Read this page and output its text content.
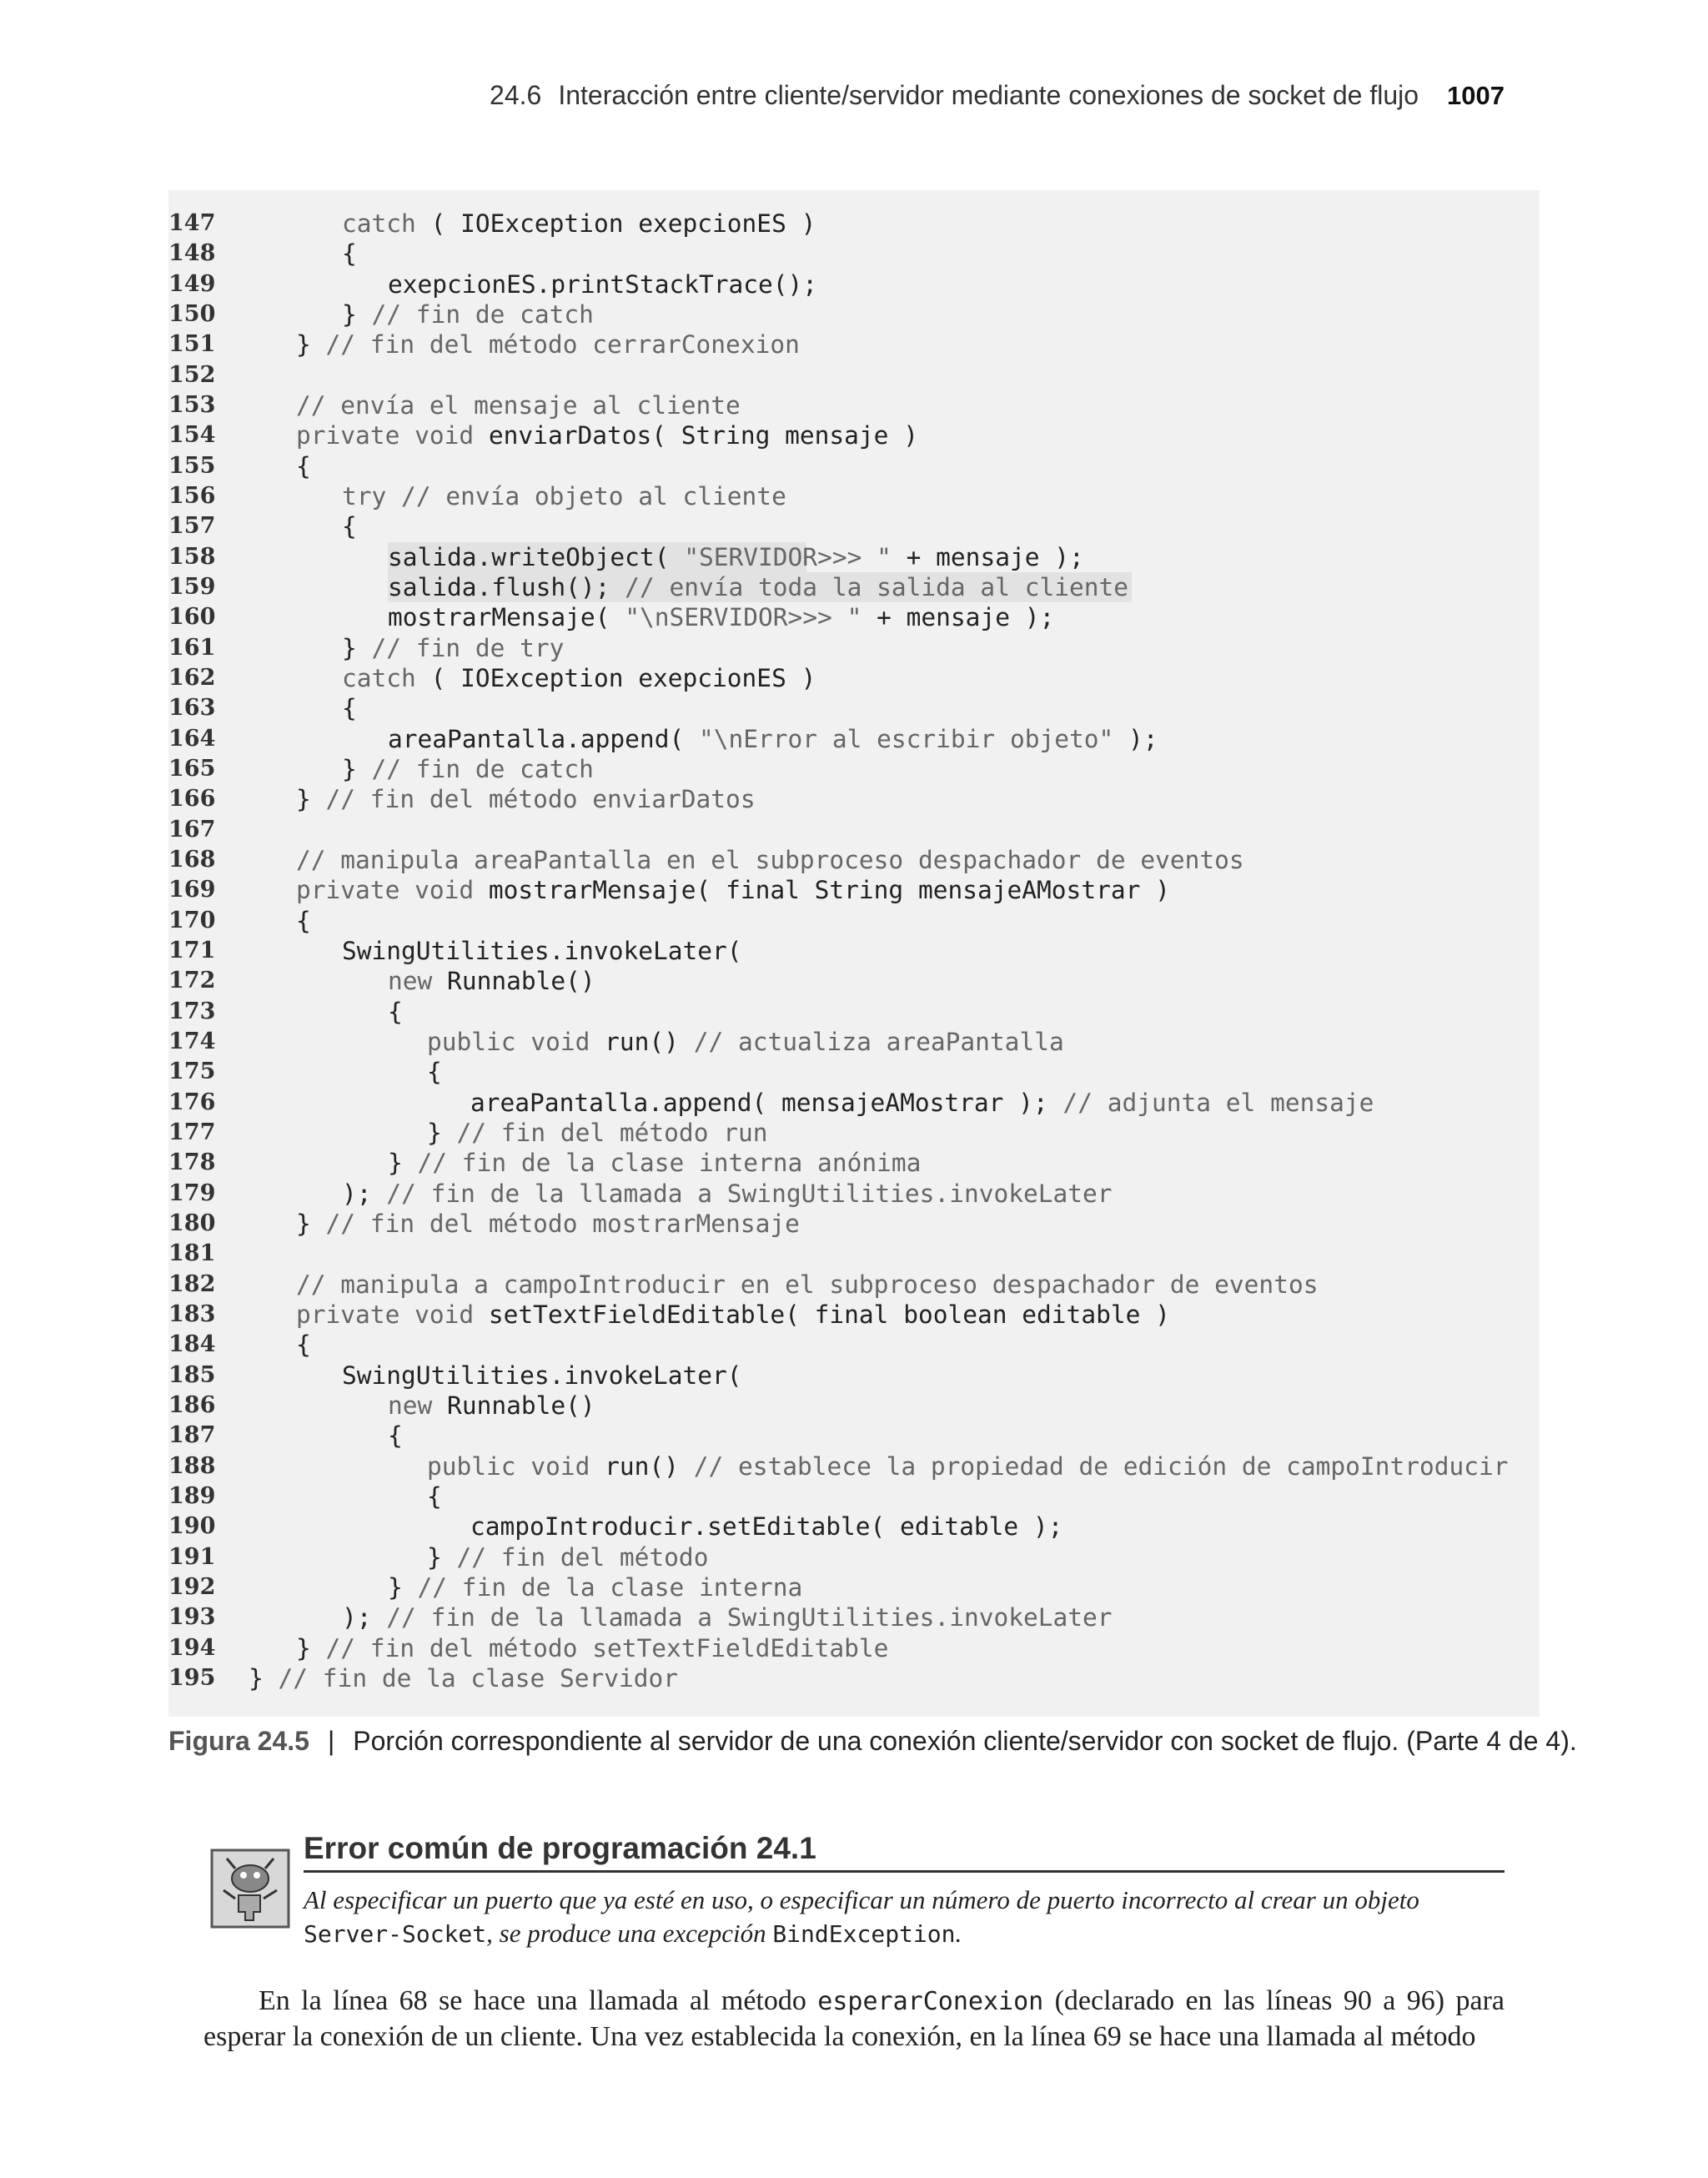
24.6 Interacción entre cliente/servidor mediante conexiones de socket de flujo 1007
147	catch ( IOException exepcionES )
148	{
149	exepcionES.printStackTrace();
150	} // fin de catch
151	} // fin del método cerrarConexion
152
153	// envía el mensaje al cliente
154	private void enviarDatos( String mensaje )
155	{
156	try // envía objeto al cliente
157	{
158	salida.writeObject( "SERVIDOR>>> " + mensaje );
159	salida.flush(); // envía toda la salida al cliente
160	mostrarMensaje( "\nSERVIDOR>>> " + mensaje );
161	} // fin de try
162	catch ( IOException exepcionES )
163	{
164	areaPantalla.append( "\nError al escribir objeto" );
165	} // fin de catch
166	} // fin del método enviarDatos
167
168	// manipula areaPantalla en el subproceso despachador de eventos
169	private void mostrarMensaje( final String mensajeAMostrar )
170	{
171	SwingUtilities.invokeLater(
172	new Runnable()
173	{
174	public void run() // actualiza areaPantalla
175	{
176	areaPantalla.append( mensajeAMostrar ); // adjunta el mensaje
177	} // fin del método run
178	} // fin de la clase interna anónima
179	); // fin de la llamada a SwingUtilities.invokeLater
180	} // fin del método mostrarMensaje
181
182	// manipula a campoIntroducir en el subproceso despachador de eventos
183	private void setTextFieldEditable( final boolean editable )
184	{
185	SwingUtilities.invokeLater(
186	new Runnable()
187	{
188	public void run() // establece la propiedad de edición de campoIntroducir
189	{
190	campoIntroducir.setEditable( editable );
191	} // fin del método
192	} // fin de la clase interna
193	); // fin de la llamada a SwingUtilities.invokeLater
194	} // fin del método setTextFieldEditable
195 } // fin de la clase Servidor
Figura 24.5 | Porción correspondiente al servidor de una conexión cliente/servidor con socket de flujo. (Parte 4 de 4).
Error común de programación 24.1
Al especificar un puerto que ya esté en uso, o especificar un número de puerto incorrecto al crear un objeto Server-Socket, se produce una excepción BindException.
En la línea 68 se hace una llamada al método esperarConexion (declarado en las líneas 90 a 96) para esperar la conexión de un cliente. Una vez establecida la conexión, en la línea 69 se hace una llamada al método
